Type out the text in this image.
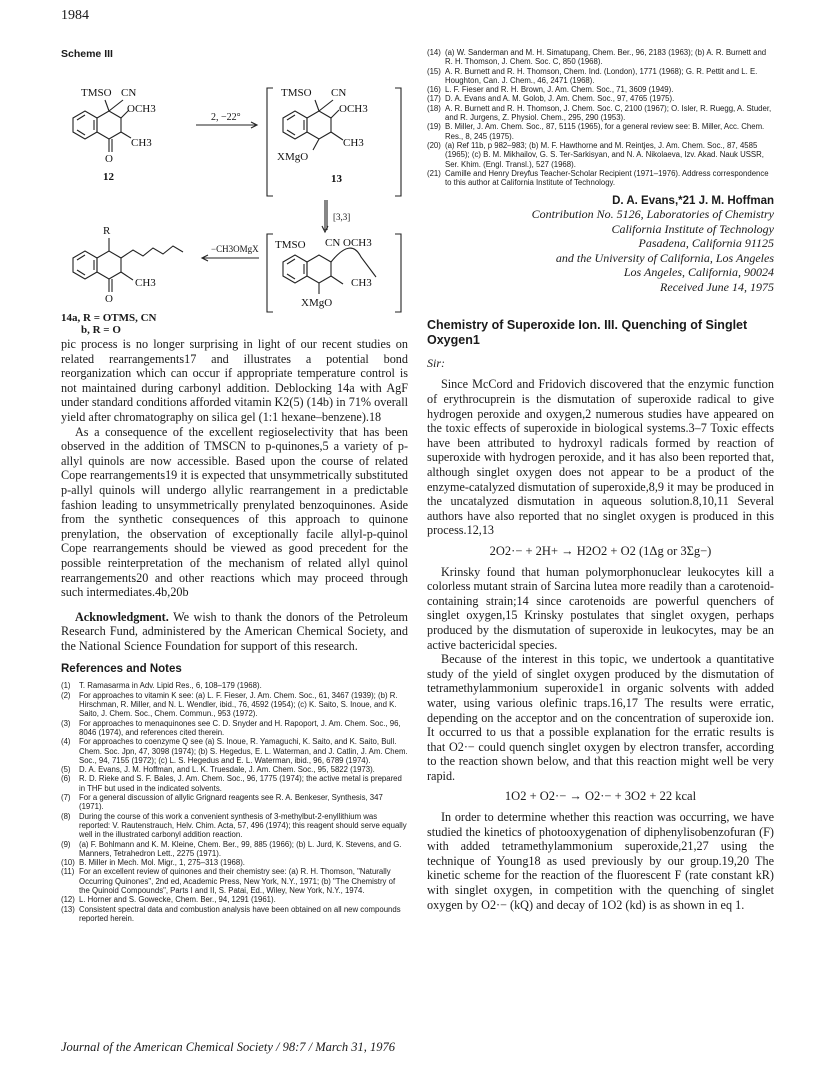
1984
Scheme III
TMSO CN
OCH3
CH3
O
12
2, −22°
TMSO CN
OCH3
CH3
XMgO
13
[3,3]
TMSO CN OCH3
CH3
XMgO
−CH3OMgX
R
CH3
O
14a, R = OTMS, CN
b, R = O

pic process is no longer surprising in light of our recent studies on related rearrangements17 and illustrates a potential bond reorganization which can occur if appropriate temperature control is not maintained during carbonyl addition. Deblocking 14a with AgF under standard conditions afforded vitamin K2(5) (14b) in 71% overall yield after chromatography on silica gel (1:1 hexane–benzene).18

As a consequence of the excellent regioselectivity that has been observed in the addition of TMSCN to p-quinones,5 a variety of p-allyl quinols are now accessible. Based upon the course of related Cope rearrangements19 it is expected that unsymmetrically substituted p-allyl quinols will undergo allylic rearrangement in a predictable fashion leading to unsymmetrically prenylated benzoquinones. Aside from the synthetic consequences of this approach to quinone prenylation, the observation of exceptionally facile allyl-p-quinol Cope rearrangements should be viewed as good precedent for the possible reinterpretation of the mechanism of related allyl quinol rearrangements20 and other reactions which may proceed through such intermediates.4b,20b

Acknowledgment. We wish to thank the donors of the Petroleum Research Fund, administered by the American Chemical Society, and the National Science Foundation for support of this research.

References and Notes
(1)	T. Ramasarma in Adv. Lipid Res., 6, 108–179 (1968).
(2)	For approaches to vitamin K see: (a) L. F. Fieser, J. Am. Chem. Soc., 61, 3467 (1939); (b) R. Hirschman, R. Miller, and N. L. Wendler, ibid., 76, 4592 (1954); (c) K. Saito, S. Inoue, and K. Saito, J. Chem. Soc., Chem. Commun., 953 (1972).
(3)	For approaches to menaquinones see C. D. Snyder and H. Rapoport, J. Am. Chem. Soc., 96, 8046 (1974), and references cited therein.
(4)	For approaches to coenzyme Q see (a) S. Inoue, R. Yamaguchi, K. Saito, and K. Saito, Bull. Chem. Soc. Jpn, 47, 3098 (1974); (b) S. Hegedus, E. L. Waterman, and J. Catlin, J. Am. Chem. Soc., 94, 7155 (1972); (c) L. S. Hegedus and E. L. Waterman, ibid., 96, 6789 (1974).
(5)	D. A. Evans, J. M. Hoffman, and L. K. Truesdale, J. Am. Chem. Soc., 95, 5822 (1973).
(6)	R. D. Rieke and S. F. Bales, J. Am. Chem. Soc., 96, 1775 (1974); the active metal is prepared in THF but used in the indicated solvents.
(7)	For a general discussion of allylic Grignard reagents see R. A. Benkeser, Synthesis, 347 (1971).
(8)	During the course of this work a convenient synthesis of 3-methylbut-2-enyllithium was reported: V. Rautenstrauch, Helv. Chim. Acta, 57, 496 (1974); this reagent should serve equally well in the illustrated carbonyl addition reaction.
(9)	(a) F. Bohlmann and K. M. Kleine, Chem. Ber., 99, 885 (1966); (b) L. Jurd, K. Stevens, and G. Manners, Tetrahedron Lett., 2275 (1971).
(10) B. Miller in Mech. Mol. Migr., 1, 275–313 (1968).
(11) For an excellent review of quinones and their chemistry see: (a) R. H. Thomson, "Naturally Occurring Quinones", 2nd ed, Academic Press, New York, N.Y., 1971; (b) "The Chemistry of the Quinoid Compounds", Parts I and II, S. Patai, Ed., Wiley, New York, N.Y., 1974.
(12) L. Horner and S. Gowecke, Chem. Ber., 94, 1291 (1961).
(13) Consistent spectral data and combustion analysis have been obtained on all new compounds reported herein.
(14) (a) W. Sanderman and M. H. Simatupang, Chem. Ber., 96, 2183 (1963); (b) A. R. Burnett and R. H. Thomson, J. Chem. Soc. C, 850 (1968).
(15) A. R. Burnett and R. H. Thomson, Chem. Ind. (London), 1771 (1968); G. R. Pettit and L. E. Houghton, Can. J. Chem., 46, 2471 (1968).
(16) L. F. Fieser and R. H. Brown, J. Am. Chem. Soc., 71, 3609 (1949).
(17) D. A. Evans and A. M. Golob, J. Am. Chem. Soc., 97, 4765 (1975).
(18) A. R. Burnett and R. H. Thomson, J. Chem. Soc. C, 2100 (1967); O. Isler, R. Ruegg, A. Studer, and R. Jurgens, Z. Physiol. Chem., 295, 290 (1953).
(19) B. Miller, J. Am. Chem. Soc., 87, 5115 (1965), for a general review see: B. Miller, Acc. Chem. Res., 8, 245 (1975).
(20) (a) Ref 11b, p 982–983; (b) M. F. Hawthorne and M. Reintjes, J. Am. Chem. Soc., 87, 4585 (1965); (c) B. M. Mikhailov, G. S. Ter-Sarkisyan, and N. A. Nikolaeva, Izv. Akad. Nauk USSR, Ser. Khim. (Engl. Transl.), 527 (1968).
(21) Camille and Henry Dreyfus Teacher-Scholar Recipient (1971–1976). Address correspondence to this author at California Institute of Technology.
D. A. Evans,*21 J. M. Hoffman
Contribution No. 5126, Laboratories of Chemistry
California Institute of Technology
Pasadena, California 91125
and the University of California, Los Angeles
Los Angeles, California, 90024
Received June 14, 1975
Chemistry of Superoxide Ion. III. Quenching of Singlet Oxygen1
Sir:

Since McCord and Fridovich discovered that the enzymic function of erythrocuprein is the dismutation of superoxide radical to give hydrogen peroxide and oxygen,2 numerous studies have appeared on the toxic effects of superoxide in biological systems.3–7 Toxic effects have been attributed to hydroxyl radicals formed by reaction of superoxide with hydrogen peroxide, and it has also been reported that, although singlet oxygen does not appear to be a product of the enzyme-catalyzed dismutation of superoxide,8,9 it may be produced in the uncatalyzed dismutation in aqueous solution.8,10,11 Several authors have also reported that no singlet oxygen is produced in this process.12,13

2O2·− + 2H+ → H2O2 + O2 (1Δg or 3Σg−)

Krinsky found that human polymorphonuclear leukocytes kill a colorless mutant strain of Sarcina lutea more readily than a carotenoid-containing strain;14 since carotenoids are powerful quenchers of singlet oxygen,15 Krinsky postulates that singlet oxygen, perhaps produced by the dismutation of superoxide in leukocytes, may be an active bactericidal species.

Because of the interest in this topic, we undertook a quantitative study of the yield of singlet oxygen produced by the dismutation of tetramethylammonium superoxide1 in organic solvents with added water, using various olefinic traps.16,17 The results were erratic, depending on the acceptor and on the concentration of superoxide ion. It occurred to us that a possible explanation for the erratic results is that O2·− could quench singlet oxygen by electron transfer, according to the reaction shown below, and that this reaction might well be very rapid.

1O2 + O2·− → O2·− + 3O2 + 22 kcal

In order to determine whether this reaction was occurring, we have studied the kinetics of photooxygenation of diphenylisobenzofuran (F) with added tetramethylammonium superoxide,21,27 using the technique of Young18 as used previously by our group.19,20 The kinetic scheme for the reaction of the fluorescent F (rate constant kR) with singlet oxygen, in competition with the quenching of singlet oxygen by O2·− (kQ) and decay of 1O2 (kd) is as shown in eq 1.

Journal of the American Chemical Society / 98:7 / March 31, 1976
